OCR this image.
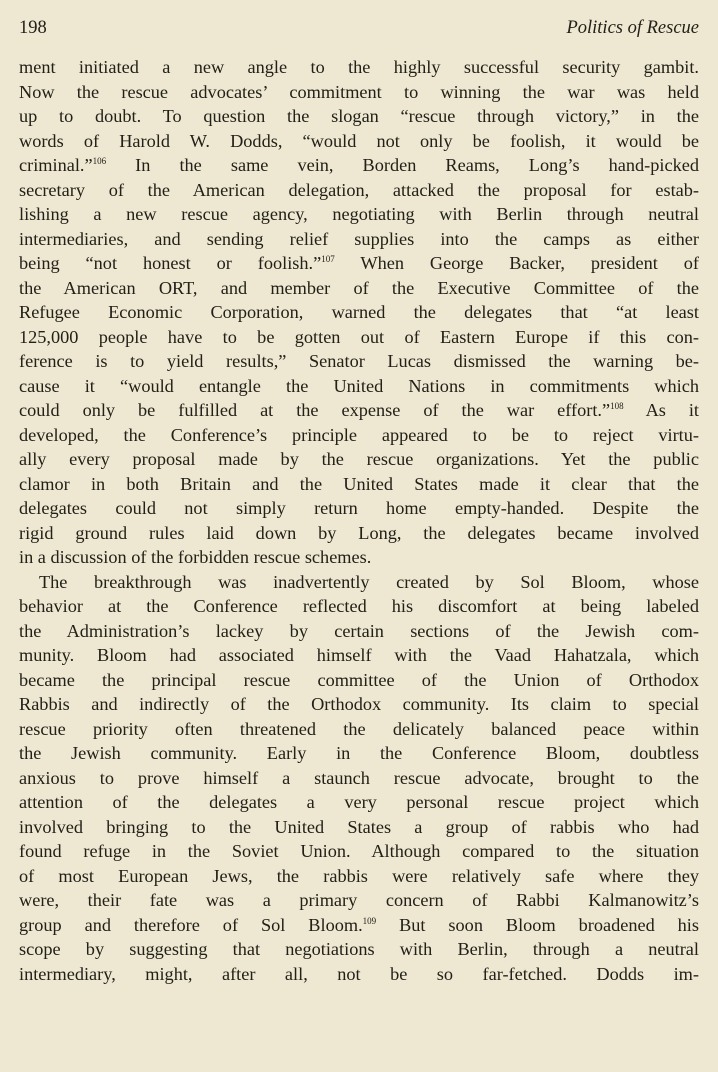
198	Politics of Rescue
ment initiated a new angle to the highly successful security gambit.
Now the rescue advocates’ commitment to winning the war was held
up to doubt. To question the slogan “rescue through victory,” in the
words of Harold W. Dodds, “would not only be foolish, it would be
criminal.”$^{106}$ In the same vein, Borden Reams, Long’s hand-picked
secretary of the American delegation, attacked the proposal for estab-
lishing a new rescue agency, negotiating with Berlin through neutral
intermediaries, and sending relief supplies into the camps as either
being “not honest or foolish.”$^{107}$ When George Backer, president of
the American ORT, and member of the Executive Committee of the
Refugee Economic Corporation, warned the delegates that “at least
125,000 people have to be gotten out of Eastern Europe if this con-
ference is to yield results,” Senator Lucas dismissed the warning be-
cause it “would entangle the United Nations in commitments which
could only be fulfilled at the expense of the war effort.”$^{108}$ As it
developed, the Conference’s principle appeared to be to reject virtu-
ally every proposal made by the rescue organizations. Yet the public
clamor in both Britain and the United States made it clear that the
delegates could not simply return home empty-handed. Despite the
rigid ground rules laid down by Long, the delegates became involved
in a discussion of the forbidden rescue schemes.
The breakthrough was inadvertently created by Sol Bloom, whose
behavior at the Conference reflected his discomfort at being labeled
the Administration’s lackey by certain sections of the Jewish com-
munity. Bloom had associated himself with the Vaad Hahatzala, which
became the principal rescue committee of the Union of Orthodox
Rabbis and indirectly of the Orthodox community. Its claim to special
rescue priority often threatened the delicately balanced peace within
the Jewish community. Early in the Conference Bloom, doubtless
anxious to prove himself a staunch rescue advocate, brought to the
attention of the delegates a very personal rescue project which
involved bringing to the United States a group of rabbis who had
found refuge in the Soviet Union. Although compared to the situation
of most European Jews, the rabbis were relatively safe where they
were, their fate was a primary concern of Rabbi Kalmanowitz’s
group and therefore of Sol Bloom.$^{109}$ But soon Bloom broadened his
scope by suggesting that negotiations with Berlin, through a neutral
intermediary, might, after all, not be so far-fetched. Dodds im-
